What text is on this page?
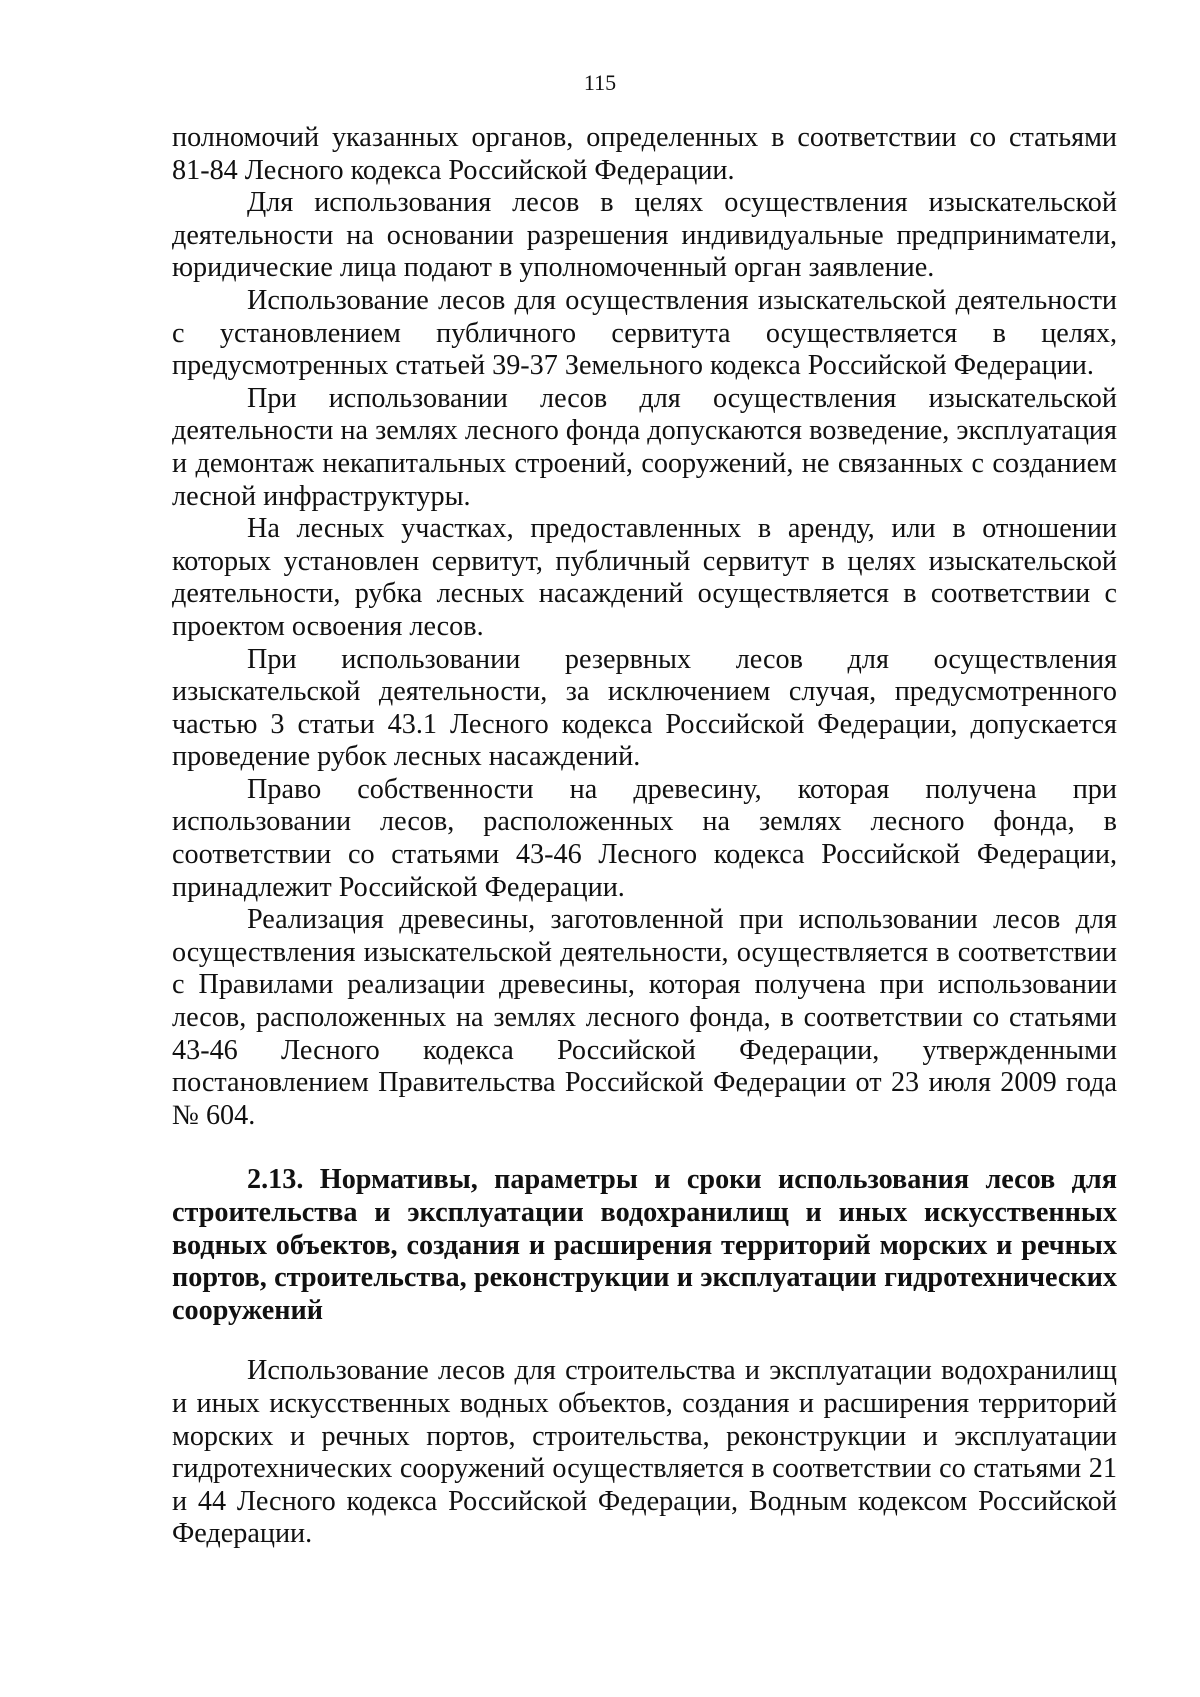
115

полномочий указанных органов, определенных в соответствии со статьями 81-84 Лесного кодекса Российской Федерации.

Для использования лесов в целях осуществления изыскательской деятельности на основании разрешения индивидуальные предприниматели, юридические лица подают в уполномоченный орган заявление.

Использование лесов для осуществления изыскательской деятельности с установлением публичного сервитута осуществляется в целях, предусмотренных статьей 39-37 Земельного кодекса Российской Федерации.

При использовании лесов для осуществления изыскательской деятельности на землях лесного фонда допускаются возведение, эксплуатация и демонтаж некапитальных строений, сооружений, не связанных с созданием лесной инфраструктуры.

На лесных участках, предоставленных в аренду, или в отношении которых установлен сервитут, публичный сервитут в целях изыскательской деятельности, рубка лесных насаждений осуществляется в соответствии с проектом освоения лесов.

При использовании резервных лесов для осуществления изыскательской деятельности, за исключением случая, предусмотренного частью 3 статьи 43.1 Лесного кодекса Российской Федерации, допускается проведение рубок лесных насаждений.

Право собственности на древесину, которая получена при использовании лесов, расположенных на землях лесного фонда, в соответствии со статьями 43-46 Лесного кодекса Российской Федерации, принадлежит Российской Федерации.

Реализация древесины, заготовленной при использовании лесов для осуществления изыскательской деятельности, осуществляется в соответствии с Правилами реализации древесины, которая получена при использовании лесов, расположенных на землях лесного фонда, в соответствии со статьями 43-46 Лесного кодекса Российской Федерации, утвержденными постановлением Правительства Российской Федерации от 23 июля 2009 года № 604.

2.13. Нормативы, параметры и сроки использования лесов для строительства и эксплуатации водохранилищ и иных искусственных водных объектов, создания и расширения территорий морских и речных портов, строительства, реконструкции и эксплуатации гидротехнических сооружений

Использование лесов для строительства и эксплуатации водохранилищ и иных искусственных водных объектов, создания и расширения территорий морских и речных портов, строительства, реконструкции и эксплуатации гидротехнических сооружений осуществляется в соответствии со статьями 21 и 44 Лесного кодекса Российской Федерации, Водным кодексом Российской Федерации.
